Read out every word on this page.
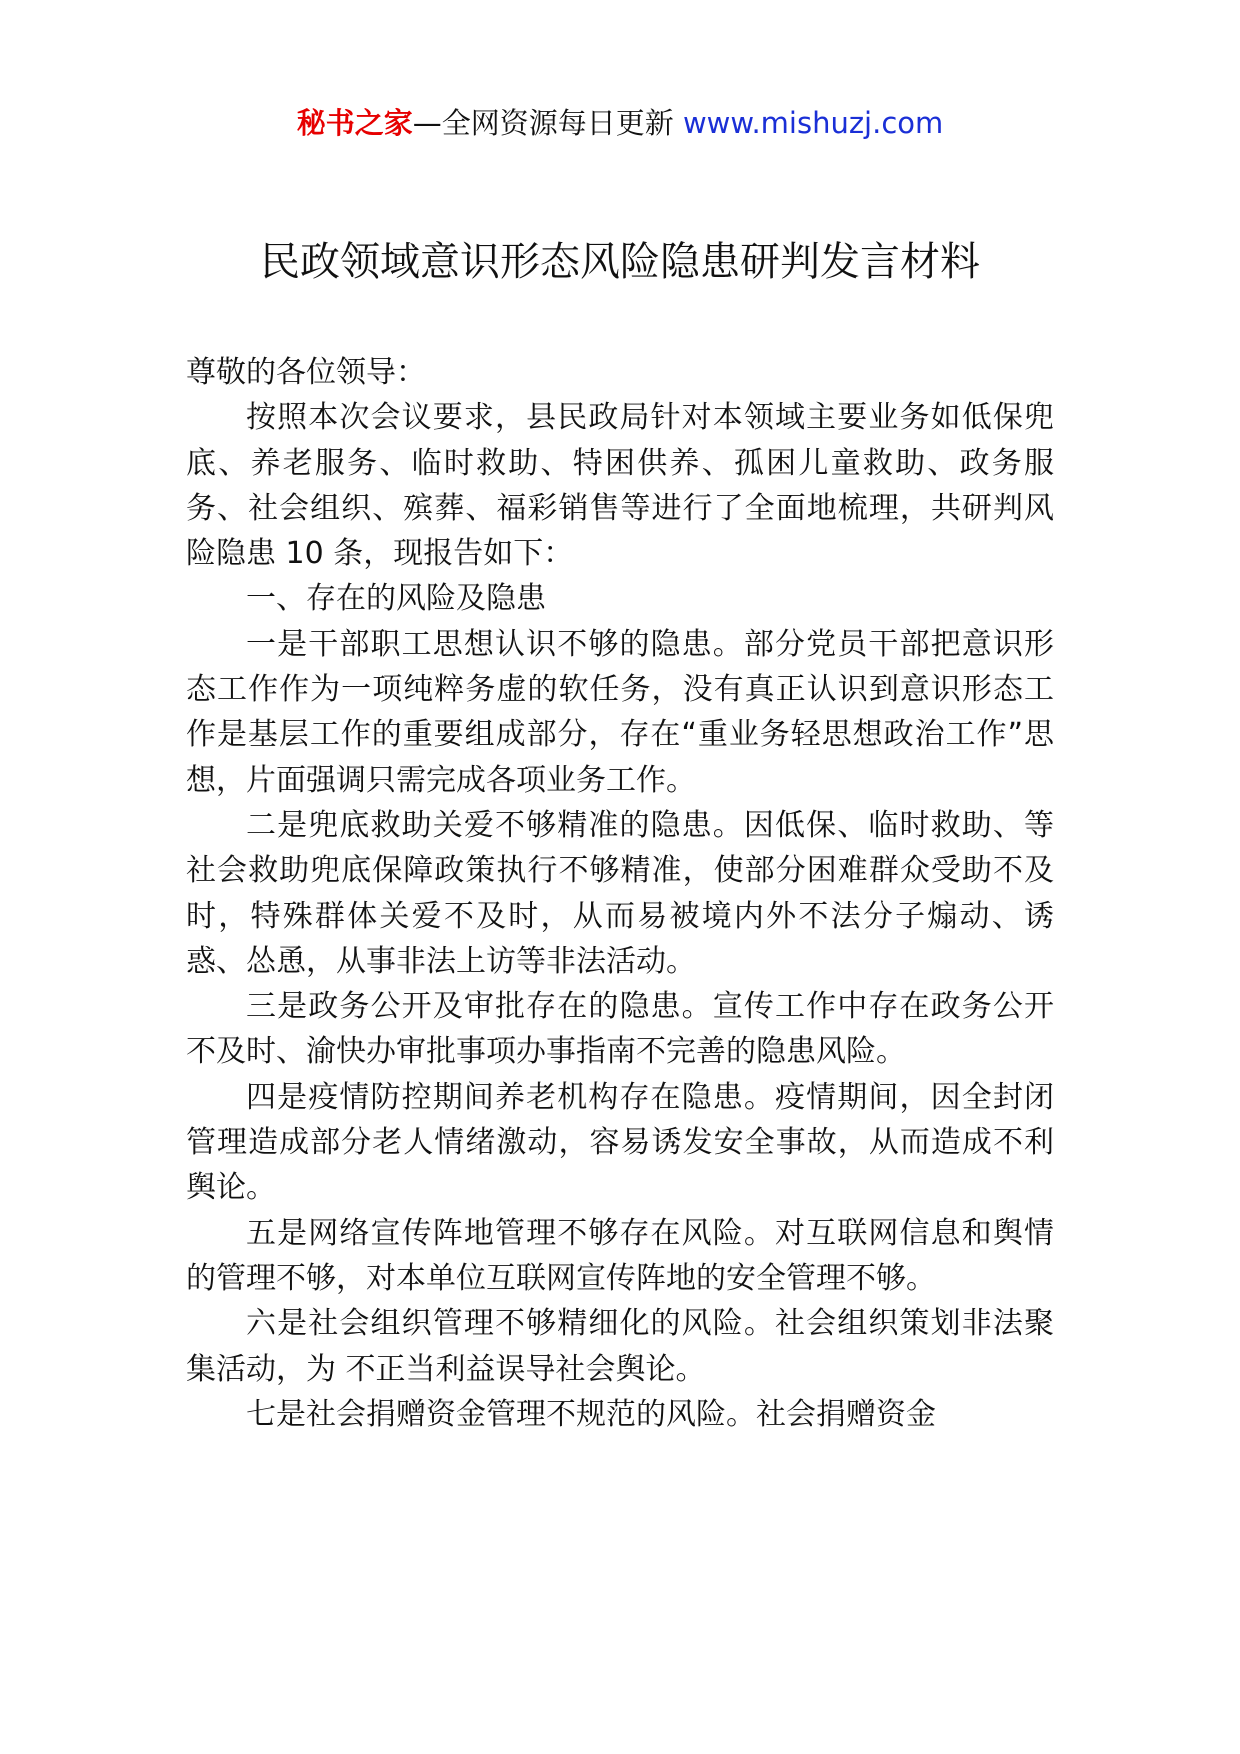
秘书之家—全网资源每日更新 www.mishuzj.com
民政领域意识形态风险隐患研判发言材料

尊敬的各位领导：

按照本次会议要求，县民政局针对本领域主要业务如低保兜底、养老服务、临时救助、特困供养、孤困儿童救助、政务服务、社会组织、殡葬、福彩销售等进行了全面地梳理，共研判风险隐患 10 条，现报告如下：

一、存在的风险及隐患

一是干部职工思想认识不够的隐患。部分党员干部把意识形态工作作为一项纯粹务虚的软任务，没有真正认识到意识形态工作是基层工作的重要组成部分，存在“重业务轻思想政治工作”思想，片面强调只需完成各项业务工作。

二是兜底救助关爱不够精准的隐患。因低保、临时救助、等社会救助兜底保障政策执行不够精准，使部分困难群众受助不及时，特殊群体关爱不及时，从而易被境内外不法分子煽动、诱惑、怂恿，从事非法上访等非法活动。

三是政务公开及审批存在的隐患。宣传工作中存在政务公开不及时、渝快办审批事项办事指南不完善的隐患风险。

四是疫情防控期间养老机构存在隐患。疫情期间，因全封闭管理造成部分老人情绪激动，容易诱发安全事故，从而造成不利舆论。

五是网络宣传阵地管理不够存在风险。对互联网信息和舆情的管理不够，对本单位互联网宣传阵地的安全管理不够。

六是社会组织管理不够精细化的风险。社会组织策划非法聚集活动，为 不正当利益误导社会舆论。

七是社会捐赠资金管理不规范的风险。社会捐赠资金
